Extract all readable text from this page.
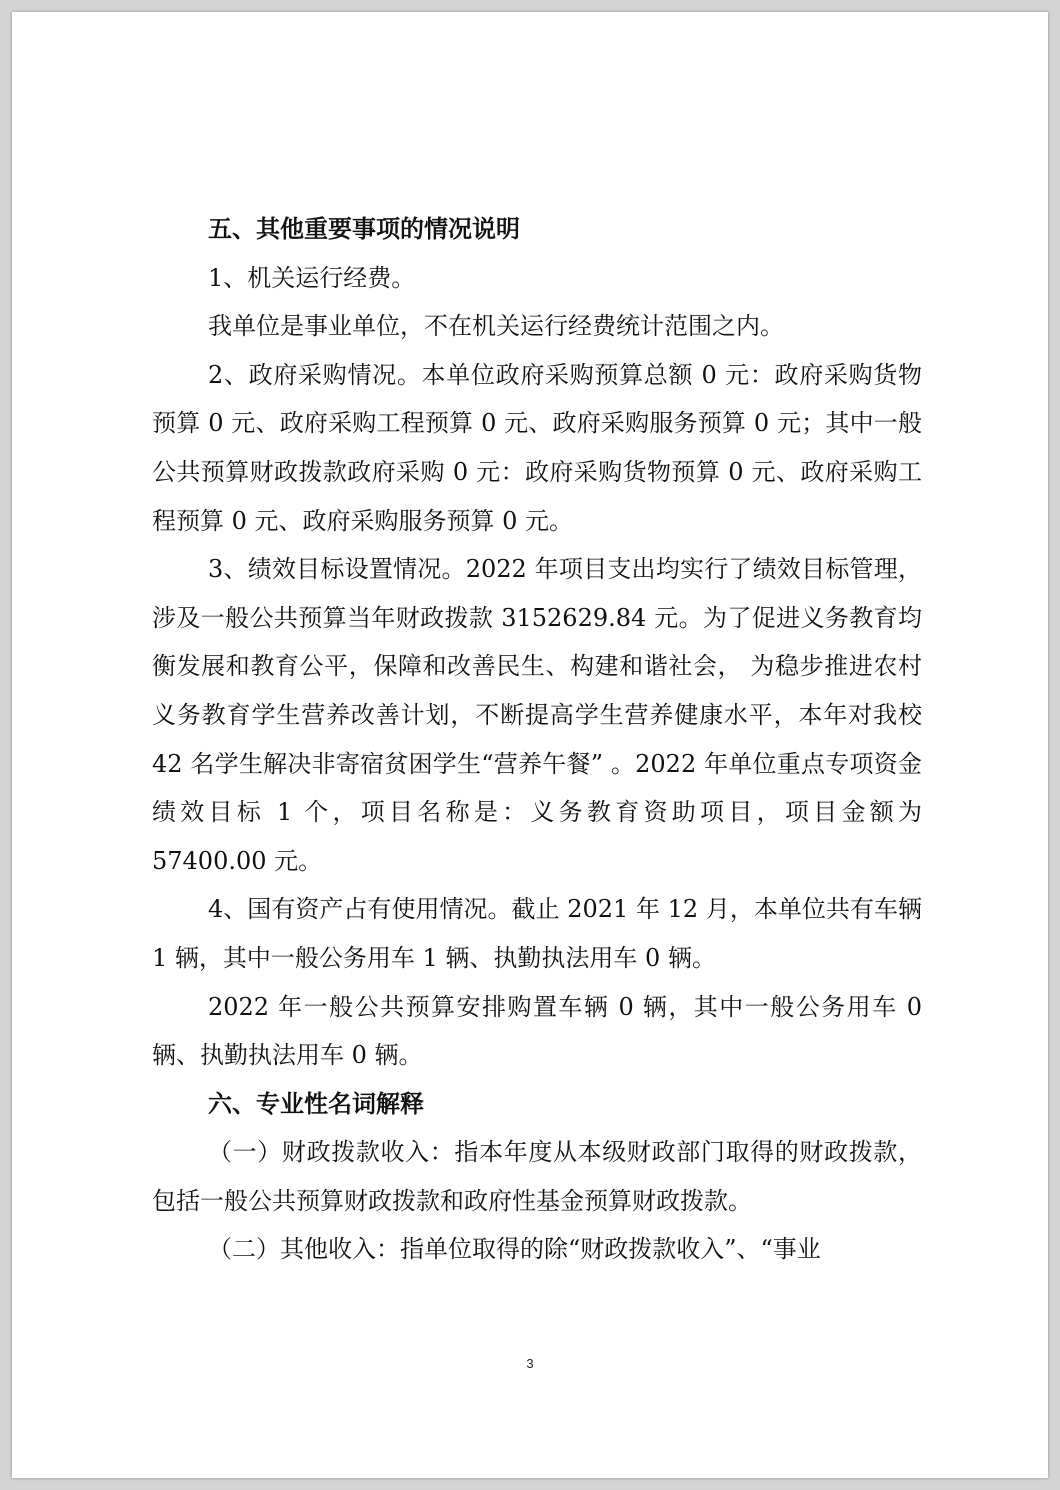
五、其他重要事项的情况说明

1、机关运行经费。

我单位是事业单位，不在机关运行经费统计范围之内。

2、政府采购情况。本单位政府采购预算总额 0 元：政府采购货物预算 0 元、政府采购工程预算 0 元、政府采购服务预算 0 元；其中一般公共预算财政拨款政府采购 0 元：政府采购货物预算 0 元、政府采购工程预算 0 元、政府采购服务预算 0 元。

3、绩效目标设置情况。2022 年项目支出均实行了绩效目标管理，涉及一般公共预算当年财政拨款 3152629.84 元。为了促进义务教育均衡发展和教育公平，保障和改善民生、构建和谐社会， 为稳步推进农村义务教育学生营养改善计划，不断提高学生营养健康水平，本年对我校 42 名学生解决非寄宿贫困学生“营养午餐” 。2022 年单位重点专项资金绩效目标 1 个，项目名称是：义务教育资助项目，项目金额为 57400.00 元。

4、国有资产占有使用情况。截止 2021 年 12 月，本单位共有车辆 1 辆，其中一般公务用车 1 辆、执勤执法用车 0 辆。

2022 年一般公共预算安排购置车辆 0 辆，其中一般公务用车 0 辆、执勤执法用车 0 辆。

六、专业性名词解释

（一）财政拨款收入：指本年度从本级财政部门取得的财政拨款，包括一般公共预算财政拨款和政府性基金预算财政拨款。

（二）其他收入：指单位取得的除“财政拨款收入”、“事业

3
